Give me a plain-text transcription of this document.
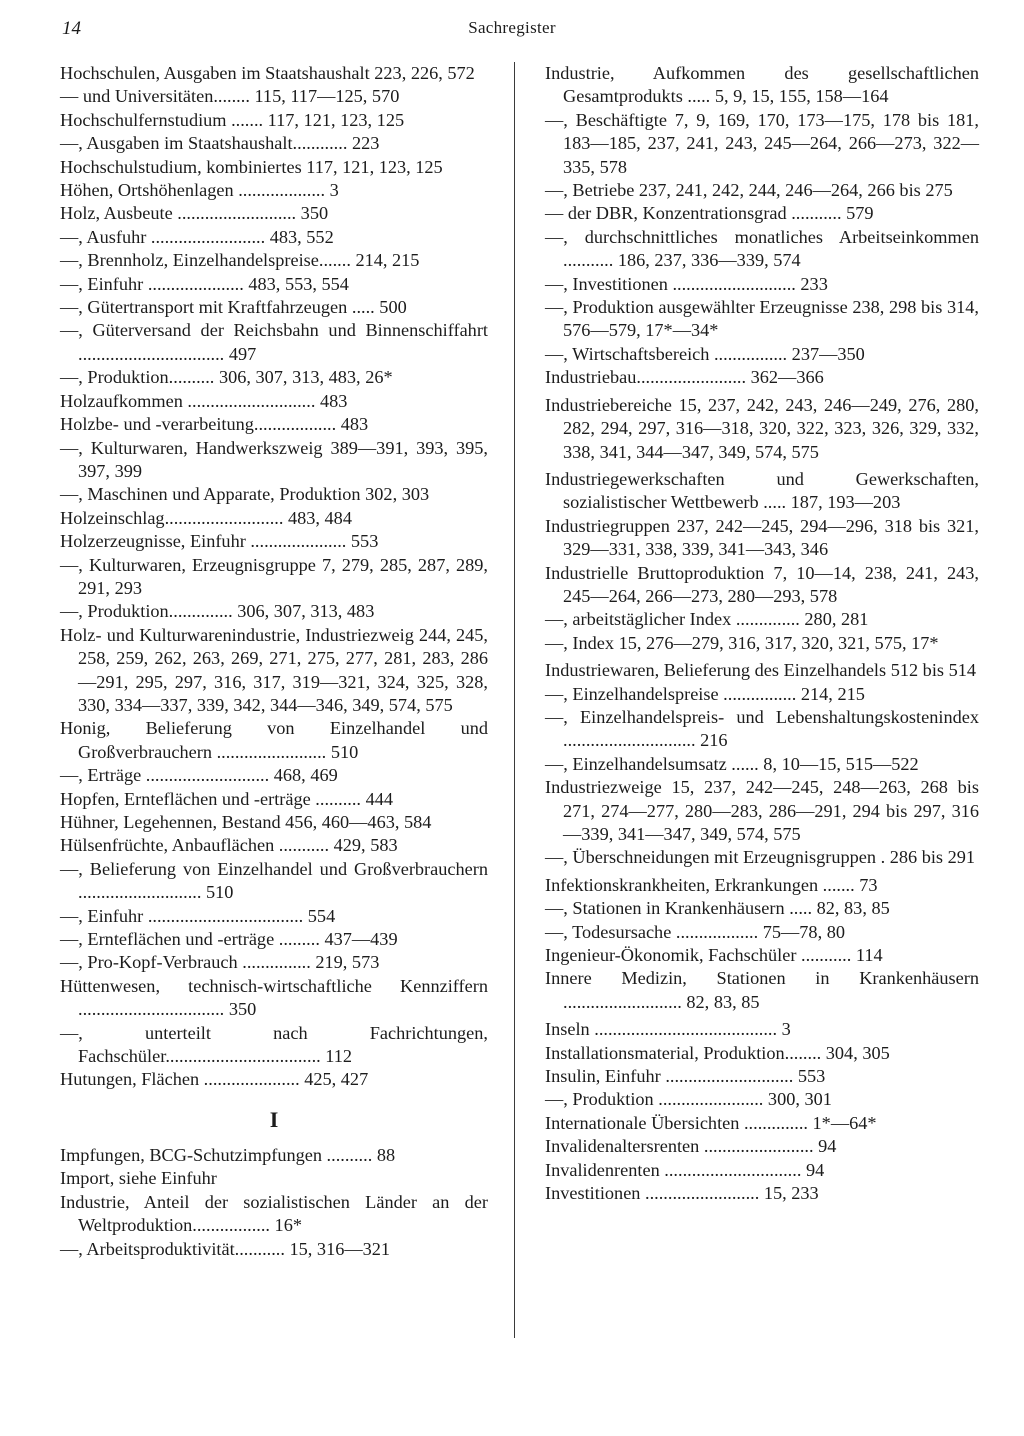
14	Sachregister
Hochschulen, Ausgaben im Staatshaushalt 223, 226, 572
— und Universitäten........ 115, 117—125, 570
Hochschulfernstudium ....... 117, 121, 123, 125
—, Ausgaben im Staatshaushalt............ 223
Hochschulstudium, kombiniertes 117, 121, 123, 125
Höhen, Ortshöhenlagen ................... 3
Holz, Ausbeute .......................... 350
—, Ausfuhr ......................... 483, 552
—, Brennholz, Einzelhandelspreise....... 214, 215
—, Einfuhr ..................... 483, 553, 554
—, Gütertransport mit Kraftfahrzeugen ..... 500
—, Güterversand der Reichsbahn und Binnenschiffahrt ................................ 497
—, Produktion.......... 306, 307, 313, 483, 26*
Holzaufkommen ............................ 483
Holzbe- und -verarbeitung.................. 483
—, Kulturwaren, Handwerkszweig 389—391, 393, 395, 397, 399
—, Maschinen und Apparate, Produktion 302, 303
Holzeinschlag.......................... 483, 484
Holzerzeugnisse, Einfuhr ..................... 553
—, Kulturwaren, Erzeugnisgruppe 7, 279, 285, 287, 289, 291, 293
—, Produktion.............. 306, 307, 313, 483
Holz- und Kulturwarenindustrie, Industriezweig 244, 245, 258, 259, 262, 263, 269, 271, 275, 277, 281, 283, 286—291, 295, 297, 316, 317, 319—321, 324, 325, 328, 330, 334—337, 339, 342, 344—346, 349, 574, 575
Honig, Belieferung von Einzelhandel und Großverbrauchern ........................ 510
—, Erträge ........................... 468, 469
Hopfen, Ernteflächen und -erträge .......... 444
Hühner, Legehennen, Bestand 456, 460—463, 584
Hülsenfrüchte, Anbauflächen ........... 429, 583
—, Belieferung von Einzelhandel und Großverbrauchern ........................... 510
—, Einfuhr .................................. 554
—, Ernteflächen und -erträge ......... 437—439
—, Pro-Kopf-Verbrauch ............... 219, 573
Hüttenwesen, technisch-wirtschaftliche Kennziffern ................................ 350
—, unterteilt nach Fachrichtungen, Fachschüler.................................. 112
Hutungen, Flächen ..................... 425, 427
I
Impfungen, BCG-Schutzimpfungen .......... 88
Import, siehe Einfuhr
Industrie, Anteil der sozialistischen Länder an der Weltproduktion................. 16*
—, Arbeitsproduktivität........... 15, 316—321
Industrie, Aufkommen des gesellschaftlichen Gesamtprodukts ..... 5, 9, 15, 155, 158—164
—, Beschäftigte 7, 9, 169, 170, 173—175, 178 bis 181, 183—185, 237, 241, 243, 245—264, 266—273, 322—335, 578
—, Betriebe 237, 241, 242, 244, 246—264, 266 bis 275
— der DBR, Konzentrationsgrad ........... 579
—, durchschnittliches monatliches Arbeitseinkommen ........... 186, 237, 336—339, 574
—, Investitionen ........................... 233
—, Produktion ausgewählter Erzeugnisse 238, 298 bis 314, 576—579, 17*—34*
—, Wirtschaftsbereich ................ 237—350
Industriebau........................ 362—366
Industriebereiche 15, 237, 242, 243, 246—249, 276, 280, 282, 294, 297, 316—318, 320, 322, 323, 326, 329, 332, 338, 341, 344—347, 349, 574, 575
Industriegewerkschaften und Gewerkschaften, sozialistischer Wettbewerb ..... 187, 193—203
Industriegruppen 237, 242—245, 294—296, 318 bis 321, 329—331, 338, 339, 341—343, 346
Industrielle Bruttoproduktion 7, 10—14, 238, 241, 243, 245—264, 266—273, 280—293, 578
—, arbeitstäglicher Index .............. 280, 281
—, Index 15, 276—279, 316, 317, 320, 321, 575, 17*
Industriewaren, Belieferung des Einzelhandels 512 bis 514
—, Einzelhandelspreise ................ 214, 215
—, Einzelhandelspreis- und Lebenshaltungskostenindex ............................. 216
—, Einzelhandelsumsatz ...... 8, 10—15, 515—522
Industriezweige 15, 237, 242—245, 248—263, 268 bis 271, 274—277, 280—283, 286—291, 294 bis 297, 316—339, 341—347, 349, 574, 575
—, Überschneidungen mit Erzeugnisgruppen . 286 bis 291
Infektionskrankheiten, Erkrankungen ....... 73
—, Stationen in Krankenhäusern ..... 82, 83, 85
—, Todesursache .................. 75—78, 80
Ingenieur-Ökonomik, Fachschüler ........... 114
Innere Medizin, Stationen in Krankenhäusern .......................... 82, 83, 85
Inseln ........................................ 3
Installationsmaterial, Produktion........ 304, 305
Insulin, Einfuhr ............................ 553
—, Produktion ....................... 300, 301
Internationale Übersichten .............. 1*—64*
Invalidenaltersrenten ........................ 94
Invalidenrenten .............................. 94
Investitionen ......................... 15, 233
